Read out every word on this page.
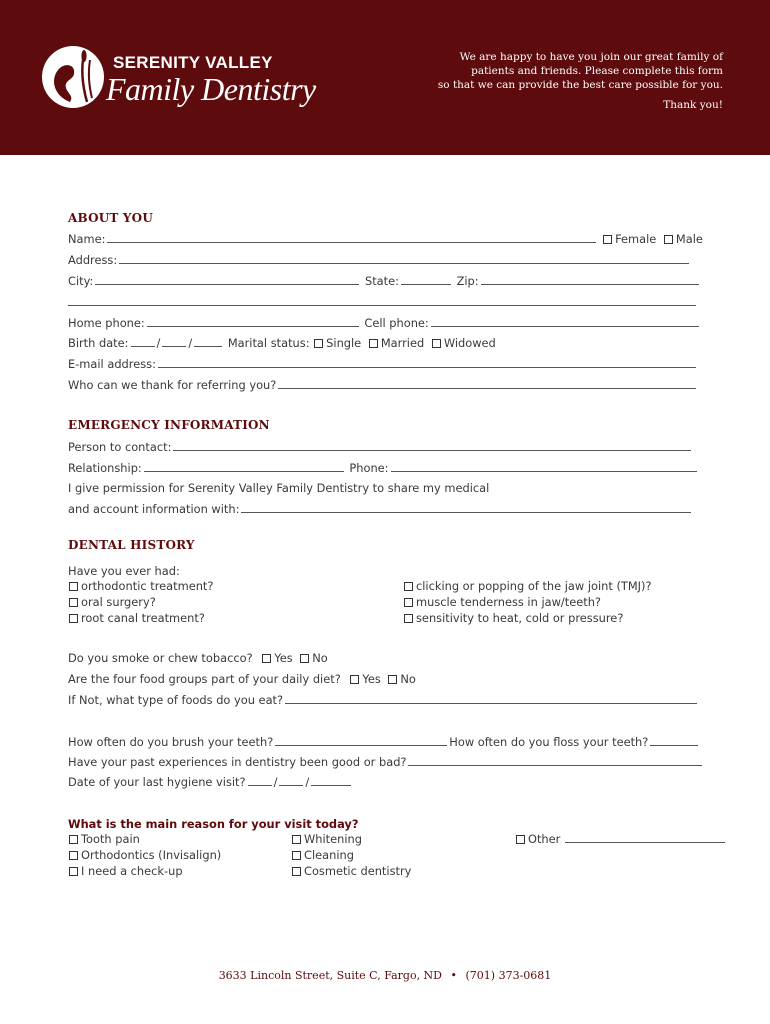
SERENITY VALLEY
Family Dentistry
We are happy to have you join our great family of
patients and friends. Please complete this form
so that we can provide the best care possible for you.
Thank you!
ABOUT YOU
Name:	Female Male
Address:
City:	State:	Zip:
Home phone:	Cell phone:
Birth date: / /	Marital status: Single Married Widowed
E-mail address:
Who can we thank for referring you?
EMERGENCY INFORMATION
Person to contact:
Relationship:	Phone:
I give permission for Serenity Valley Family Dentistry to share my medical
and account information with:
DENTAL HISTORY
Have you ever had:
orthodontic treatment?
oral surgery?
root canal treatment?
clicking or popping of the jaw joint (TMJ)?
muscle tenderness in jaw/teeth?
sensitivity to heat, cold or pressure?
Do you smoke or chew tobacco? Yes No
Are the four food groups part of your daily diet? Yes No
If Not, what type of foods do you eat?
How often do you brush your teeth?	How often do you floss your teeth?
Have your past experiences in dentistry been good or bad?
Date of your last hygiene visit? / /
What is the main reason for your visit today?
Tooth pain
Orthodontics (Invisalign)
I need a check-up
Whitening
Cleaning
Cosmetic dentistry
Other
3633 Lincoln Street, Suite C, Fargo, ND • (701) 373-0681
